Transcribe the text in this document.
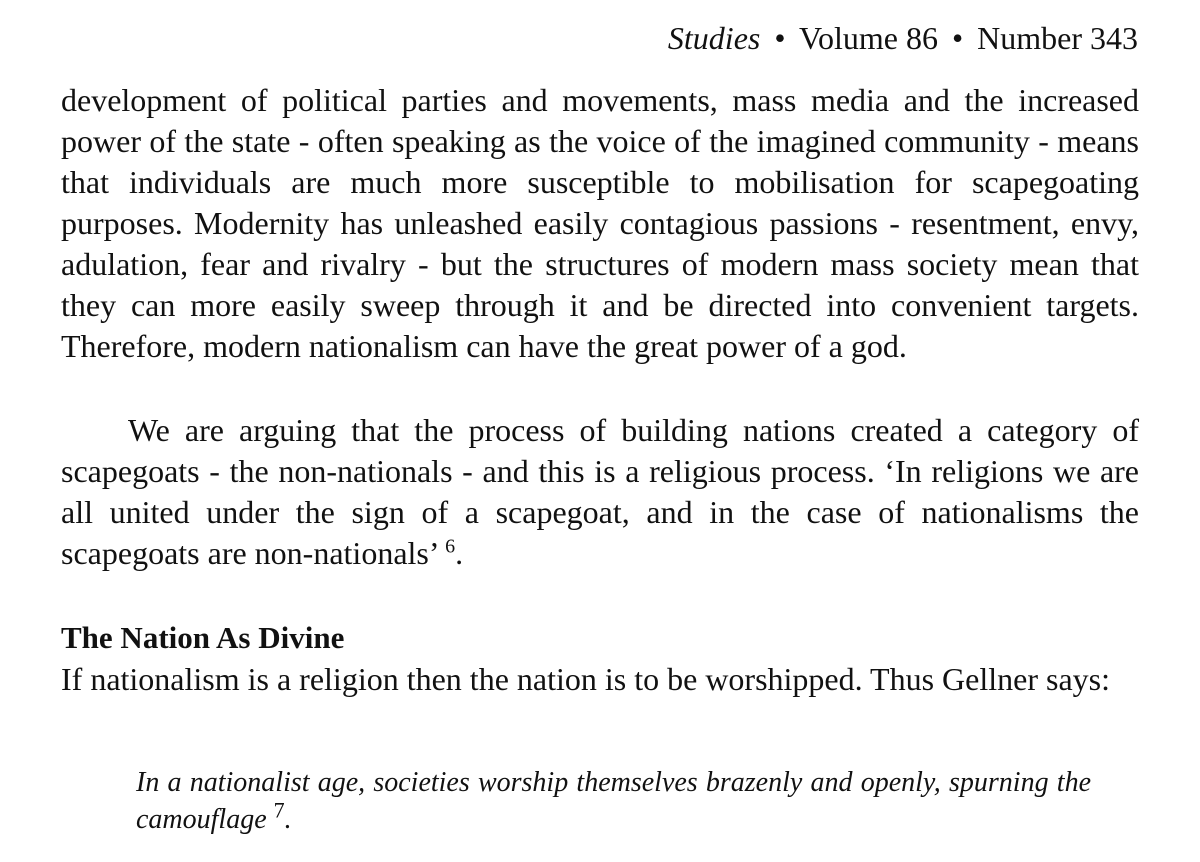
Studies • Volume 86 • Number 343

development of political parties and movements, mass media and the increased power of the state - often speaking as the voice of the imagined community - means that individuals are much more susceptible to mobilisation for scapegoating purposes. Modernity has unleashed easily contagious passions - resentment, envy, adulation, fear and rivalry - but the structures of modern mass society mean that they can more easily sweep through it and be directed into convenient targets. Therefore, modern nationalism can have the great power of a god.

We are arguing that the process of building nations created a category of scapegoats - the non-nationals - and this is a religious process. ‘In religions we are all united under the sign of a scapegoat, and in the case of nationalisms the scapegoats are non-nationals’ $^6$.

The Nation As Divine

If nationalism is a religion then the nation is to be worshipped. Thus Gellner says:

In a nationalist age, societies worship themselves brazenly and openly, spurning the camouflage $^7$.
